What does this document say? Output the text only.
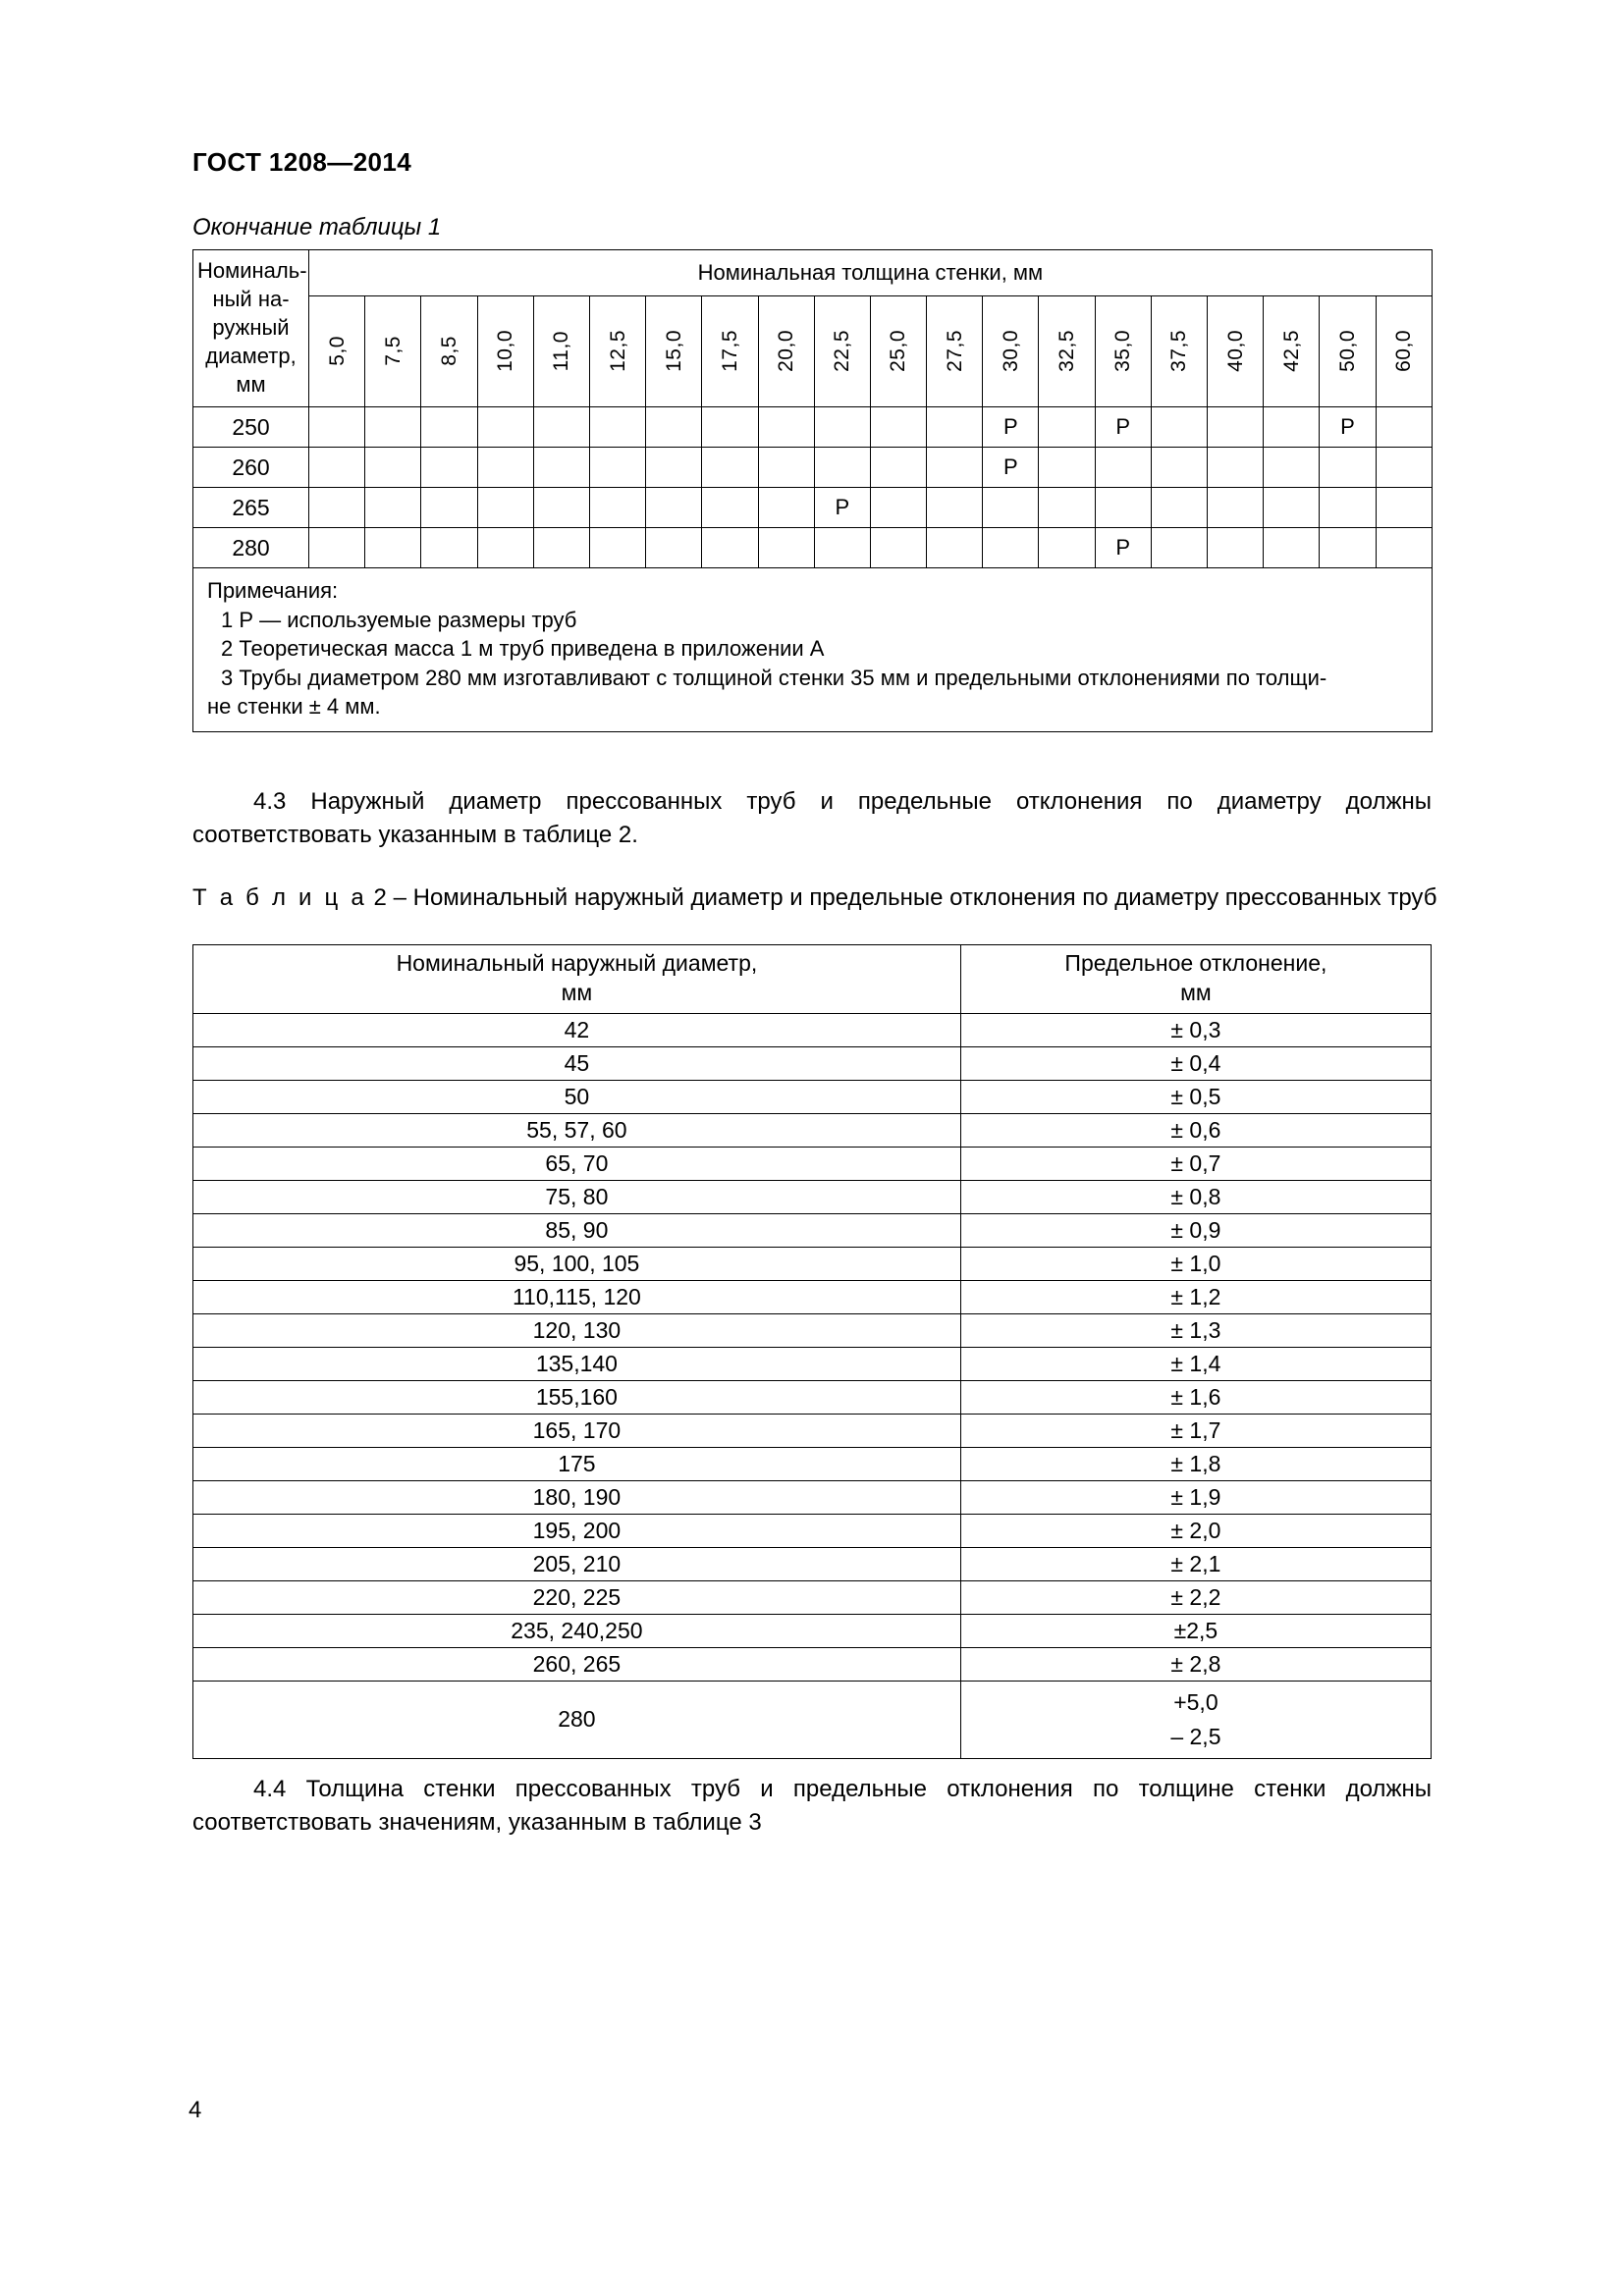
ГОСТ 1208—2014
Окончание таблицы 1
Номиналь-
ный на-
ружный
диаметр,
мм	Номинальная толщина стенки, мм																			

	5,0	7,5	8,5	10,0	11,0	12,5	15,0	17,5	20,0	22,5	25,0	27,5	30,0	32,5	35,0	37,5	40,0	42,5	50,0	60,0

250													Р		Р				Р	
260													Р							
265										Р										
280															Р					

Примечания:
1 Р — используемые размеры труб
2 Теоретическая масса 1 м труб приведена в приложении А
3 Трубы диаметром 280 мм изготавливают с толщиной стенки 35 мм и предельными отклонениями по толщи-
не стенки ± 4 мм.																				
4.3 Наружный диаметр прессованных труб и предельные отклонения по диаметру должны соответствовать указанным в таблице 2.
Т а б л и ц а 2 – Номинальный наружный диаметр и предельные отклонения по диаметру прессованных труб
Номинальный наружный диаметр,
мм

Предельное отклонение,
мм

42	± 0,3
45	± 0,4
50	± 0,5
55, 57, 60	± 0,6
65, 70	± 0,7
75, 80	± 0,8
85, 90	± 0,9
95, 100, 105	± 1,0
110,115, 120	± 1,2
120, 130	± 1,3
135,140	± 1,4
155,160	± 1,6
165, 170	± 1,7
175	± 1,8
180, 190	± 1,9
195, 200	± 2,0
205, 210	± 2,1
220, 225	± 2,2
235, 240,250	±2,5
260, 265	± 2,8
280	+5,0
– 2,5
4.4 Толщина стенки прессованных труб и предельные отклонения по толщине стенки должны соответствовать значениям, указанным в таблице 3
4
